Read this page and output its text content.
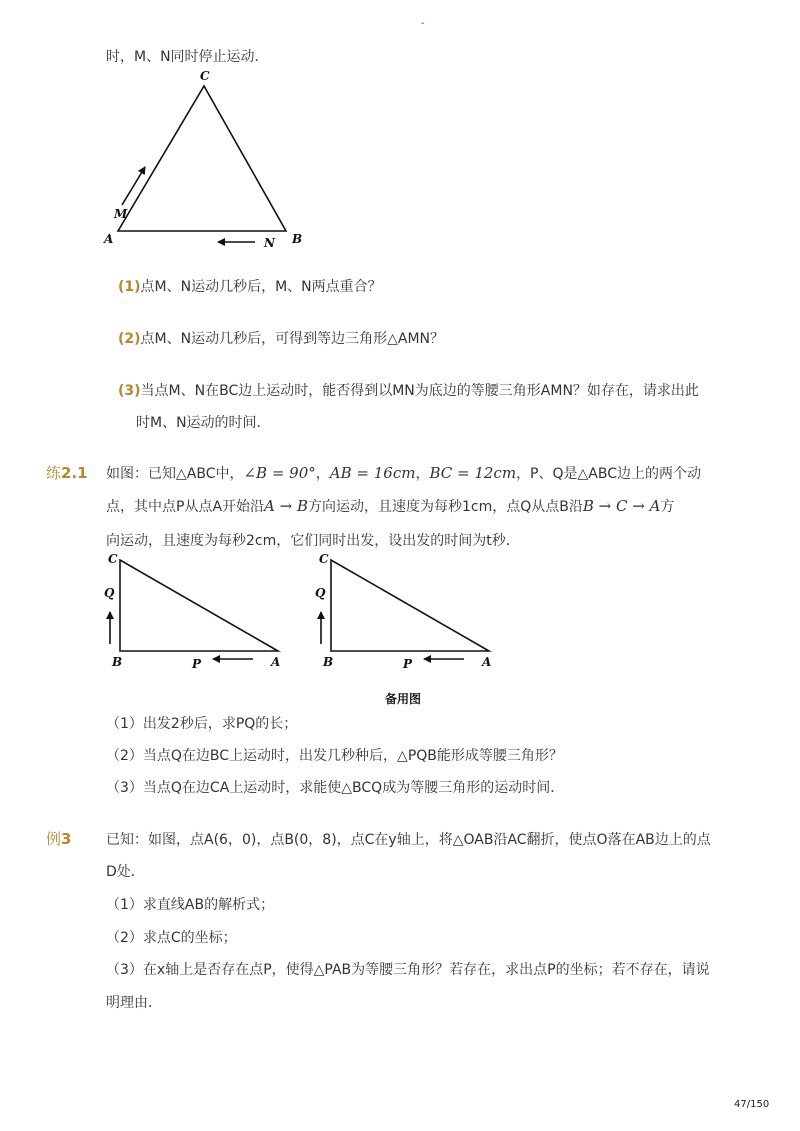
-
时，M、N同时停止运动．
C
A	B
M
N
(1)点M、N运动几秒后，M、N两点重合？
(2)点M、N运动几秒后，可得到等边三角形△AMN？
(3)当点M、N在BC边上运动时，能否得到以MN为底边的等腰三角形AMN？如存在，请求出此
时M、N运动的时间．
练2.1 如图：已知△ABC中，∠B = 90°，AB = 16cm，BC = 12cm，P、Q是△ABC边上的两个动
点，其中点P从点A开始沿A → B方向运动，且速度为每秒1cm，点Q从点B沿B → C → A方
向运动，且速度为每秒2cm，它们同时出发，设出发的时间为t秒．
C
Q
B	P	A
C
Q
B	P	A
备用图
（1）出发2秒后，求PQ的长；
（2）当点Q在边BC上运动时，出发几秒种后，△PQB能形成等腰三角形？
（3）当点Q在边CA上运动时，求能使△BCQ成为等腰三角形的运动时间．
例3 已知：如图，点A(6，0)，点B(0，8)，点C在y轴上，将△OAB沿AC翻折，使点O落在AB边上的点
D处．
（1）求直线AB的解析式；
（2）求点C的坐标；
（3）在x轴上是否存在点P，使得△PAB为等腰三角形？若存在，求出点P的坐标；若不存在，请说
明理由．
47/150
